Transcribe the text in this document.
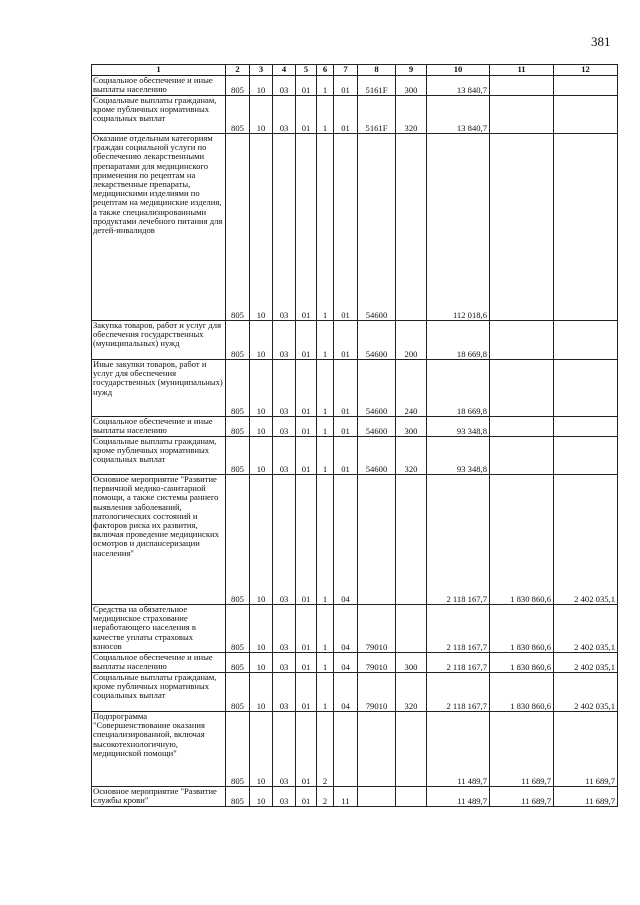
381
1	2	3	4	5	6	7	8	9	10	11	12
Социальное обеспечение и иные выплаты населению	805	10	03	01	1	01	5161F	300	13 840,7		
Социальные выплаты гражданам, кроме публичных нормативных социальных выплат	805	10	03	01	1	01	5161F	320	13 840,7		
Оказание отдельным категориям граждан социальной услуги по обеспечению лекарственными препаратами для медицинского применения по рецептам на лекарственные препараты, медицинскими изделиями по рецептам на медицинские изделия, а также специализированными продуктами лечебного питания для детей-инвалидов	805	10	03	01	1	01	54600		112 018,6		
Закупка товаров, работ и услуг для обеспечения государственных (муниципальных) нужд	805	10	03	01	1	01	54600	200	18 669,8		
Иные закупки товаров, работ и услуг для обеспечения государственных (муниципальных) нужд	805	10	03	01	1	01	54600	240	18 669,8		
Социальное обеспечение и иные выплаты населению	805	10	03	01	1	01	54600	300	93 348,8		
Социальные выплаты гражданам, кроме публичных нормативных социальных выплат	805	10	03	01	1	01	54600	320	93 348,8		
Основное мероприятие "Развитие первичной медико-санитарной помощи, а также системы раннего выявления заболеваний, патологических состояний и факторов риска их развития, включая проведение медицинских осмотров и диспансеризации населения"	805	10	03	01	1	04			2 118 167,7	1 830 860,6	2 402 035,1
Средства на обязательное медицинское страхование неработающего населения в качестве уплаты страховых взносов	805	10	03	01	1	04	79010		2 118 167,7	1 830 860,6	2 402 035,1
Социальное обеспечение и иные выплаты населению	805	10	03	01	1	04	79010	300	2 118 167,7	1 830 860,6	2 402 035,1
Социальные выплаты гражданам, кроме публичных нормативных социальных выплат	805	10	03	01	1	04	79010	320	2 118 167,7	1 830 860,6	2 402 035,1
Подпрограмма "Совершенствование оказания специализированной, включая высокотехнологичную, медицинской помощи"	805	10	03	01	2				11 489,7	11 689,7	11 689,7
Основное мероприятие "Развитие службы крови"	805	10	03	01	2	11			11 489,7	11 689,7	11 689,7
